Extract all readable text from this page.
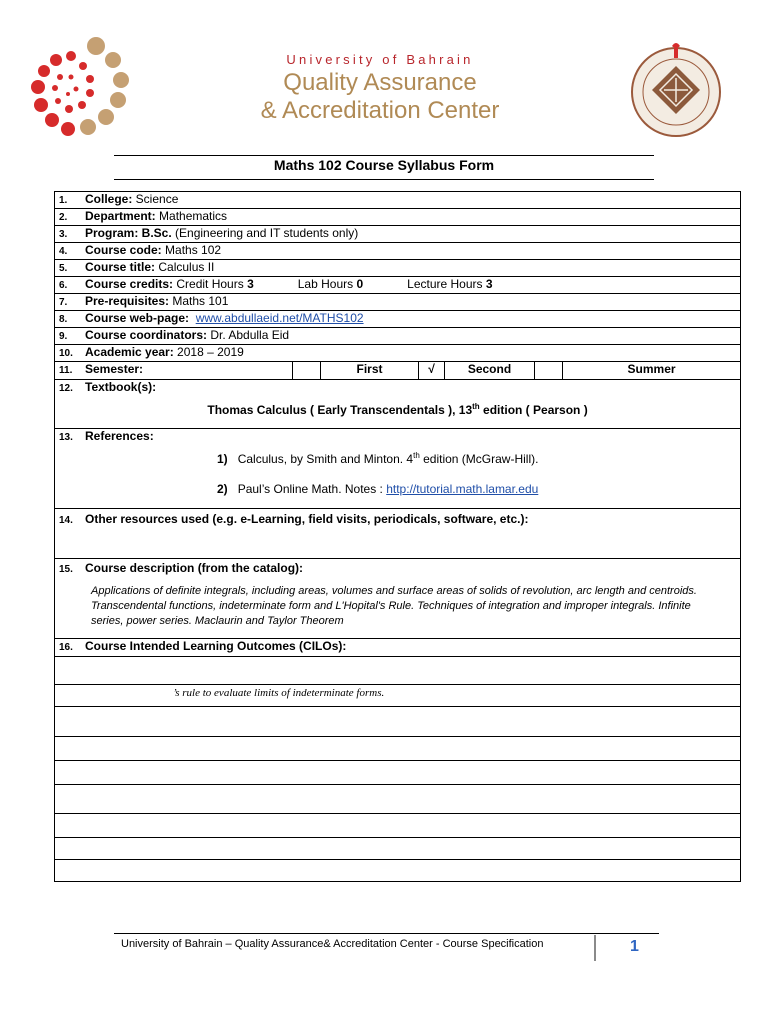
University of Bahrain
Quality Assurance
& Accreditation Center
Maths 102 Course Syllabus Form
1. College: Science
2. Department: Mathematics
3. Program: B.Sc. (Engineering and IT students only)
4. Course code: Maths 102
5. Course title: Calculus II
6. Course credits: Credit Hours 3	Lab Hours 0	Lecture Hours 3
7. Pre-requisites: Maths 101
8. Course web-page: www.abdullaeid.net/MATHS102
9. Course coordinators: Dr. Abdulla Eid
10. Academic year: 2018 – 2019
11. Semester:		First	√	Second		Summer

12. Textbook(s):
Thomas Calculus ( Early Transcendentals ), 13th edition ( Pearson )

13. References:
1) Calculus, by Smith and Minton. 4th edition (McGraw-Hill).
2) Paul’s Online Math. Notes : http://tutorial.math.lamar.edu

14. Other resources used (e.g. e-Learning, field visits, periodicals, software, etc.):

15. Course description (from the catalog):
Applications of definite integrals, including areas, volumes and surface areas of solids of revolution, arc length and centroids. Transcendental functions, indeterminate form and L'Hopital's Rule. Techniques of integration and improper integrals. Infinite series, power series. Maclaurin and Taylor Theorem

16. Course Intended Learning Outcomes (CILOs):

’s rule to evaluate limits of indeterminate forms.

University of Bahrain – Quality Assurance& Accreditation Center - Course Specification	1
